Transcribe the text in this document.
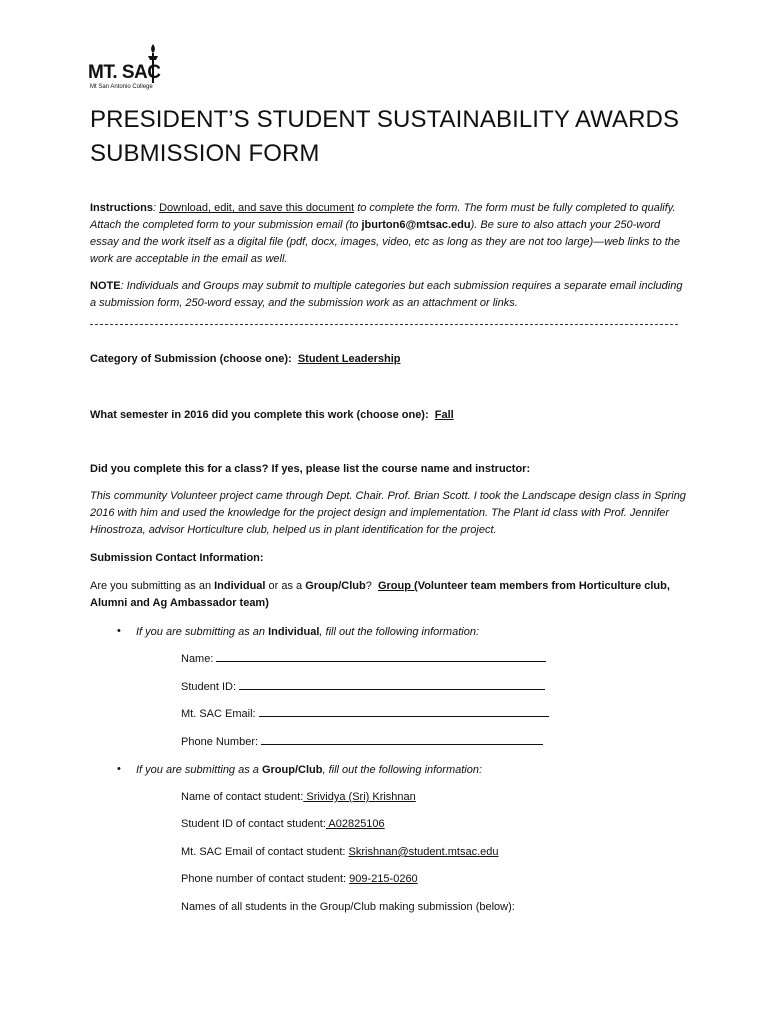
MT. SAC
Mt San Antonio College
PRESIDENT’S STUDENT SUSTAINABILITY AWARDS
SUBMISSION FORM

Instructions: Download, edit, and save this document to complete the form. The form must be fully completed to qualify. Attach the completed form to your submission email (to jburton6@mtsac.edu). Be sure to also attach your 250-word essay and the work itself as a digital file (pdf, docx, images, video, etc as long as they are not too large)—web links to the work are acceptable in the email as well.

NOTE: Individuals and Groups may submit to multiple categories but each submission requires a separate email including a submission form, 250-word essay, and the submission work as an attachment or links.

Category of Submission (choose one): Student Leadership

What semester in 2016 did you complete this work (choose one): Fall

Did you complete this for a class? If yes, please list the course name and instructor:

This community Volunteer project came through Dept. Chair. Prof. Brian Scott. I took the Landscape design class in Spring 2016 with him and used the knowledge for the project design and implementation. The Plant id class with Prof. Jennifer Hinostroza, advisor Horticulture club, helped us in plant identification for the project.

Submission Contact Information:

Are you submitting as an Individual or as a Group/Club? Group (Volunteer team members from Horticulture club, Alumni and Ag Ambassador team)

• If you are submitting as an Individual, fill out the following information:

Name:
Student ID:
Mt. SAC Email:
Phone Number:
• If you are submitting as a Group/Club, fill out the following information:

Name of contact student: Srividya (Sri) Krishnan
Student ID of contact student: A02825106
Mt. SAC Email of contact student: Skrishnan@student.mtsac.edu
Phone number of contact student: 909-215-0260
Names of all students in the Group/Club making submission (below):
